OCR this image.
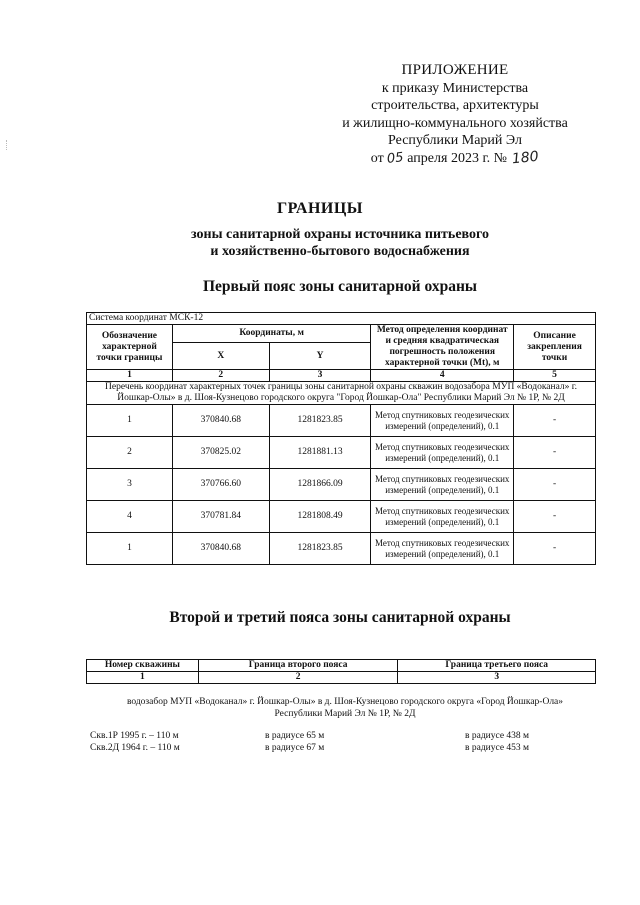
ПРИЛОЖЕНИЕ
к приказу Министерства
строительства, архитектуры
и жилищно-коммунального хозяйства
Республики Марий Эл
от 05 апреля 2023 г. № 180
ГРАНИЦЫ
зоны санитарной охраны источника питьевого
и хозяйственно-бытового водоснабжения
Первый пояс зоны санитарной охраны
Система координат МСК-12				
Обозначение характерной точки границы	Координаты, м		Метод определения координат и средняя квадратическая погрешность положения характерной точки (Mt), м	Описание закрепления точки
	X	Y		
1	2	3	4	5
Перечень координат характерных точек границы зоны санитарной охраны скважин водозабора МУП «Водоканал» г. Йошкар-Олы» в д. Шоя-Кузнецово городского округа "Город Йошкар-Ола" Республики Марий Эл № 1Р, № 2Д				
1	370840.68	1281823.85	Метод спутниковых геодезических измерений (определений), 0.1	-
2	370825.02	1281881.13	Метод спутниковых геодезических измерений (определений), 0.1	-
3	370766.60	1281866.09	Метод спутниковых геодезических измерений (определений), 0.1	-
4	370781.84	1281808.49	Метод спутниковых геодезических измерений (определений), 0.1	-
1	370840.68	1281823.85	Метод спутниковых геодезических измерений (определений), 0.1	-
Второй и третий пояса зоны санитарной охраны
Номер скважины	Граница второго пояса	Граница третьего пояса
1	2	3
водозабор МУП «Водоканал» г. Йошкар-Олы» в д. Шоя-Кузнецово городского округа «Город Йошкар-Ола»
Республики Марий Эл № 1Р, № 2Д
Скв.1Р 1995 г. – 110 м	в радиусе 65 м	в радиусе 438 м
Скв.2Д 1964 г. – 110 м	в радиусе 67 м	в радиусе 453 м
